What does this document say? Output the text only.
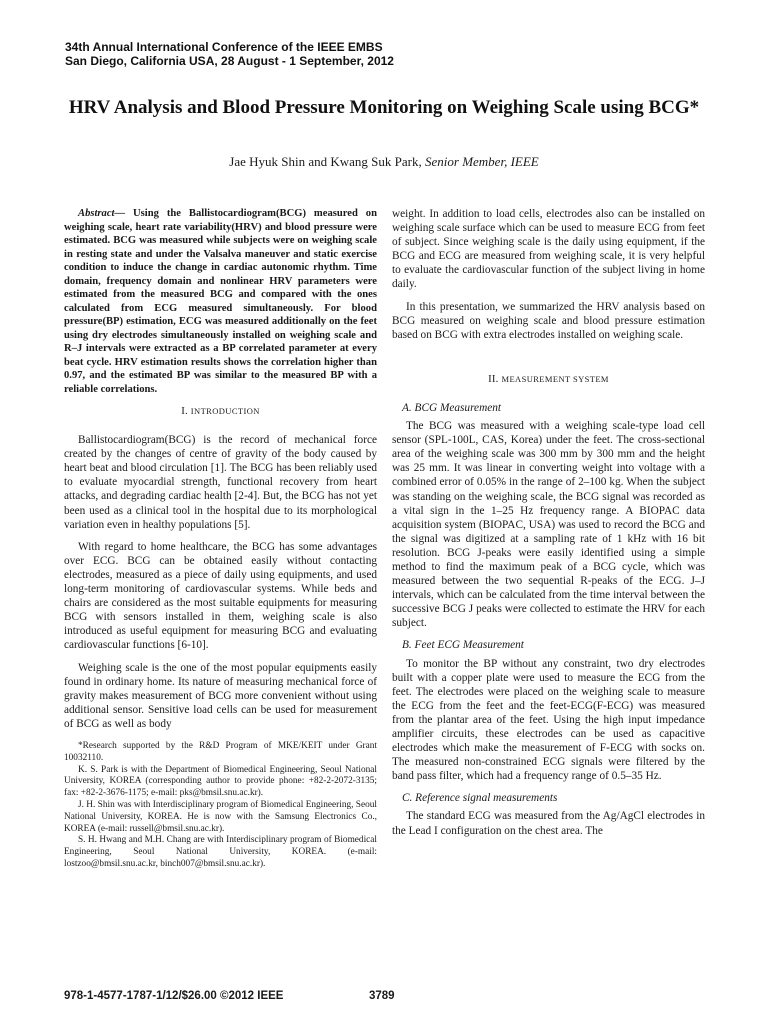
34th Annual International Conference of the IEEE EMBS
San Diego, California USA, 28 August - 1 September, 2012
HRV Analysis and Blood Pressure Monitoring on Weighing Scale using BCG*
Jae Hyuk Shin and Kwang Suk Park, Senior Member, IEEE

Abstract— Using the Ballistocardiogram(BCG) measured on weighing scale, heart rate variability(HRV) and blood pressure were estimated. BCG was measured while subjects were on weighing scale in resting state and under the Valsalva maneuver and static exercise condition to induce the change in cardiac autonomic rhythm. Time domain, frequency domain and nonlinear HRV parameters were estimated from the measured BCG and compared with the ones calculated from ECG measured simultaneously. For blood pressure(BP) estimation, ECG was measured additionally on the feet using dry electrodes simultaneously installed on weighing scale and R–J intervals were extracted as a BP correlated parameter at every beat cycle. HRV estimation results shows the correlation higher than 0.97, and the estimated BP was similar to the measured BP with a reliable correlations.

I. INTRODUCTION

Ballistocardiogram(BCG) is the record of mechanical force created by the changes of centre of gravity of the body caused by heart beat and blood circulation [1]. The BCG has been reliably used to evaluate myocardial strength, functional recovery from heart attacks, and degrading cardiac health [2-4]. But, the BCG has not yet been used as a clinical tool in the hospital due to its morphological variation even in healthy populations [5].

With regard to home healthcare, the BCG has some advantages over ECG. BCG can be obtained easily without contacting electrodes, measured as a piece of daily using equipments, and used long-term monitoring of cardiovascular systems. While beds and chairs are considered as the most suitable equipments for measuring BCG with sensors installed in them, weighing scale is also introduced as useful equipment for measuring BCG and evaluating cardiovascular functions [6-10].

Weighing scale is the one of the most popular equipments easily found in ordinary home. Its nature of measuring mechanical force of gravity makes measurement of BCG more convenient without using additional sensor. Sensitive load cells can be used for measurement of BCG as well as body

*Research supported by the R&D Program of MKE/KEIT under Grant 10032110.

K. S. Park is with the Department of Biomedical Engineering, Seoul National University, KOREA (corresponding author to provide phone: +82-2-2072-3135; fax: +82-2-3676-1175; e-mail: pks@bmsil.snu.ac.kr).

J. H. Shin was with Interdisciplinary program of Biomedical Engineering, Seoul National University, KOREA. He is now with the Samsung Electronics Co., KOREA (e-mail: russell@bmsil.snu.ac.kr).

S. H. Hwang and M.H. Chang are with Interdisciplinary program of Biomedical Engineering, Seoul National University, KOREA. (e-mail: lostzoo@bmsil.snu.ac.kr, binch007@bmsil.snu.ac.kr).

weight. In addition to load cells, electrodes also can be installed on weighing scale surface which can be used to measure ECG from feet of subject. Since weighing scale is the daily using equipment, if the BCG and ECG are measured from weighing scale, it is very helpful to evaluate the cardiovascular function of the subject living in home daily.

In this presentation, we summarized the HRV analysis based on BCG measured on weighing scale and blood pressure estimation based on BCG with extra electrodes installed on weighing scale.

II. MEASUREMENT SYSTEM
A. BCG Measurement

The BCG was measured with a weighing scale-type load cell sensor (SPL-100L, CAS, Korea) under the feet. The cross-sectional area of the weighing scale was 300 mm by 300 mm and the height was 25 mm. It was linear in converting weight into voltage with a combined error of 0.05% in the range of 2–100 kg. When the subject was standing on the weighing scale, the BCG signal was recorded as a vital sign in the 1–25 Hz frequency range. A BIOPAC data acquisition system (BIOPAC, USA) was used to record the BCG and the signal was digitized at a sampling rate of 1 kHz with 16 bit resolution. BCG J-peaks were easily identified using a simple method to find the maximum peak of a BCG cycle, which was measured between the two sequential R-peaks of the ECG. J–J intervals, which can be calculated from the time interval between the successive BCG J peaks were collected to estimate the HRV for each subject.

B. Feet ECG Measurement

To monitor the BP without any constraint, two dry electrodes built with a copper plate were used to measure the ECG from the feet. The electrodes were placed on the weighing scale to measure the ECG from the feet and the feet-ECG(F-ECG) was measured from the plantar area of the feet. Using the high input impedance amplifier circuits, these electrodes can be used as capacitive electrodes which make the measurement of F-ECG with socks on. The measured non-constrained ECG signals were filtered by the band pass filter, which had a frequency range of 0.5–35 Hz.

C. Reference signal measurements

The standard ECG was measured from the Ag/AgCl electrodes in the Lead I configuration on the chest area. The

978-1-4577-1787-1/12/$26.00 ©2012 IEEE	3789
